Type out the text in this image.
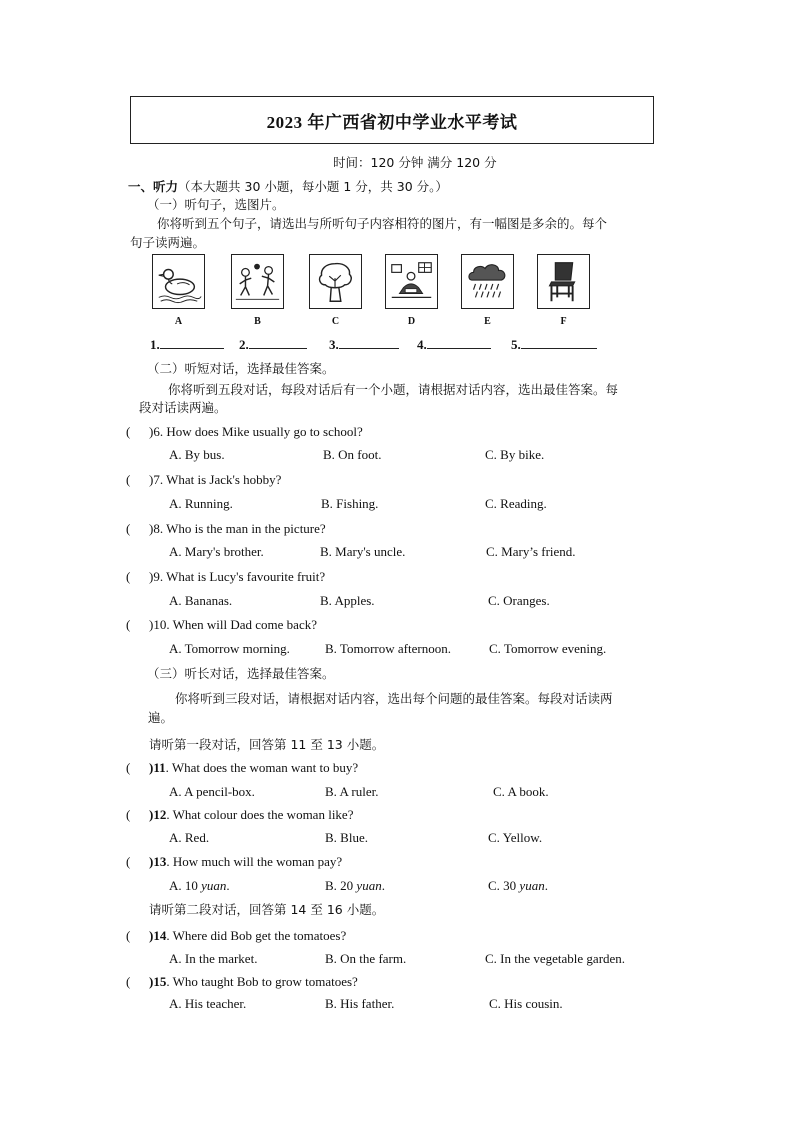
2023 年广西省初中学业水平考试
时间：120 分钟 满分 120 分
一、听力（本大题共 30 小题，每小题 1 分，共 30 分。）
（一）听句子，选图片。
你将听到五个句子，请选出与所听句子内容相符的图片，有一幅图是多余的。每个
句子读两遍。
A	B	C	D	E	F
1.	2.	3.	4.	5.
（二）听短对话，选择最佳答案。
你将听到五段对话，每段对话后有一个小题，请根据对话内容，选出最佳答案。每
段对话读两遍。
( )6. How does Mike usually go to school?
A. By bus.	B. On foot.	C. By bike.
( )7. What is Jack's hobby?
A. Running.	B. Fishing.	C. Reading.
( )8. Who is the man in the picture?
A. Mary's brother.	B. Mary's uncle.	C. Mary’s friend.
( )9. What is Lucy's favourite fruit?
A. Bananas.	B. Apples.	C. Oranges.
( )10. When will Dad come back?
A. Tomorrow morning.	B. Tomorrow afternoon.	C. Tomorrow evening.
（三）听长对话，选择最佳答案。
你将听到三段对话，请根据对话内容，选出每个问题的最佳答案。每段对话读两
遍。
请听第一段对话，回答第 11 至 13 小题。
( )11. What does the woman want to buy?
A. A pencil-box.	B. A ruler.	C. A book.
( )12. What colour does the woman like?
A. Red.	B. Blue.	C. Yellow.
( )13. How much will the woman pay?
A. 10 yuan.	B. 20 yuan.	C. 30 yuan.
请听第二段对话，回答第 14 至 16 小题。
( )14. Where did Bob get the tomatoes?
A. In the market.	B. On the farm.	C. In the vegetable garden.
( )15. Who taught Bob to grow tomatoes?
A. His teacher.	B. His father.	C. His cousin.
